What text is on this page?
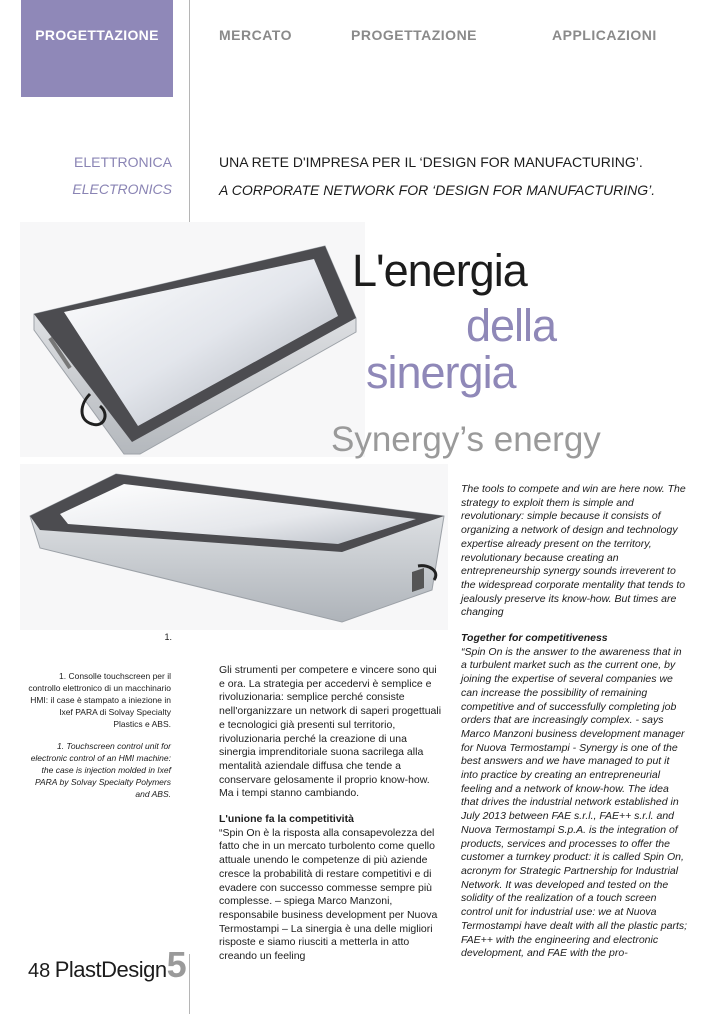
PROGETTAZIONE	MERCATO	PROGETTAZIONE	APPLICAZIONI
ELETTRONICA
ELECTRONICS
UNA RETE D'IMPRESA PER IL ‘DESIGN FOR MANUFACTURING’.
A CORPORATE NETWORK FOR ‘DESIGN FOR MANUFACTURING’.
L'energia
della
sinergia
Synergy’s energy
1.
1. Consolle touchscreen per il controllo elettronico di un macchinario HMI: il case è stampato a iniezione in Ixef PARA di Solvay Specialty Plastics e ABS.
1. Touchscreen control unit for electronic control of an HMI machine: the case is injection molded in Ixef PARA by Solvay Specialty Polymers and ABS.

Gli strumenti per competere e vincere sono qui e ora. La strategia per accedervi è semplice e rivoluzionaria: semplice perché consiste nell'organizzare un network di saperi progettuali e tecnologici già presenti sul territorio, rivoluzionaria perché la creazione di una sinergia imprenditoriale suona sacrilega alla mentalità aziendale diffusa che tende a conservare gelosamente il proprio know-how. Ma i tempi stanno cambiando.

L'unione fa la competitività

“Spin On è la risposta alla consapevolezza del fatto che in un mercato turbolento come quello attuale unendo le competenze di più aziende cresce la probabilità di restare competitivi e di evadere con successo commesse sempre più complesse. – spiega Marco Manzoni, responsabile business development per Nuova Termostampi – La sinergia è una delle migliori risposte e siamo riusciti a metterla in atto creando un feeling

The tools to compete and win are here now. The strategy to exploit them is simple and revolutionary: simple because it consists of organizing a network of design and technology expertise already present on the territory, revolutionary because creating an entrepreneurship synergy sounds irreverent to the widespread corporate mentality that tends to jealously preserve its know-how. But times are changing

Together for competitiveness

“Spin On is the answer to the awareness that in a turbulent market such as the current one, by joining the expertise of several companies we can increase the possibility of remaining competitive and of successfully completing job orders that are increasingly complex. - says Marco Manzoni business development manager for Nuova Termostampi - Synergy is one of the best answers and we have managed to put it into practice by creating an entrepreneurial feeling and a network of know-how. The idea that drives the industrial network established in July 2013 between FAE s.r.l., FAE++ s.r.l. and Nuova Termostampi S.p.A. is the integration of products, services and processes to offer the customer a turnkey product: it is called Spin On, acronym for Strategic Partnership for Industrial Network. It was developed and tested on the solidity of the realization of a touch screen control unit for industrial use: we at Nuova Termostampi have dealt with all the plastic parts; FAE++ with the engineering and electronic development, and FAE with the pro-

48 PlastDesign5
